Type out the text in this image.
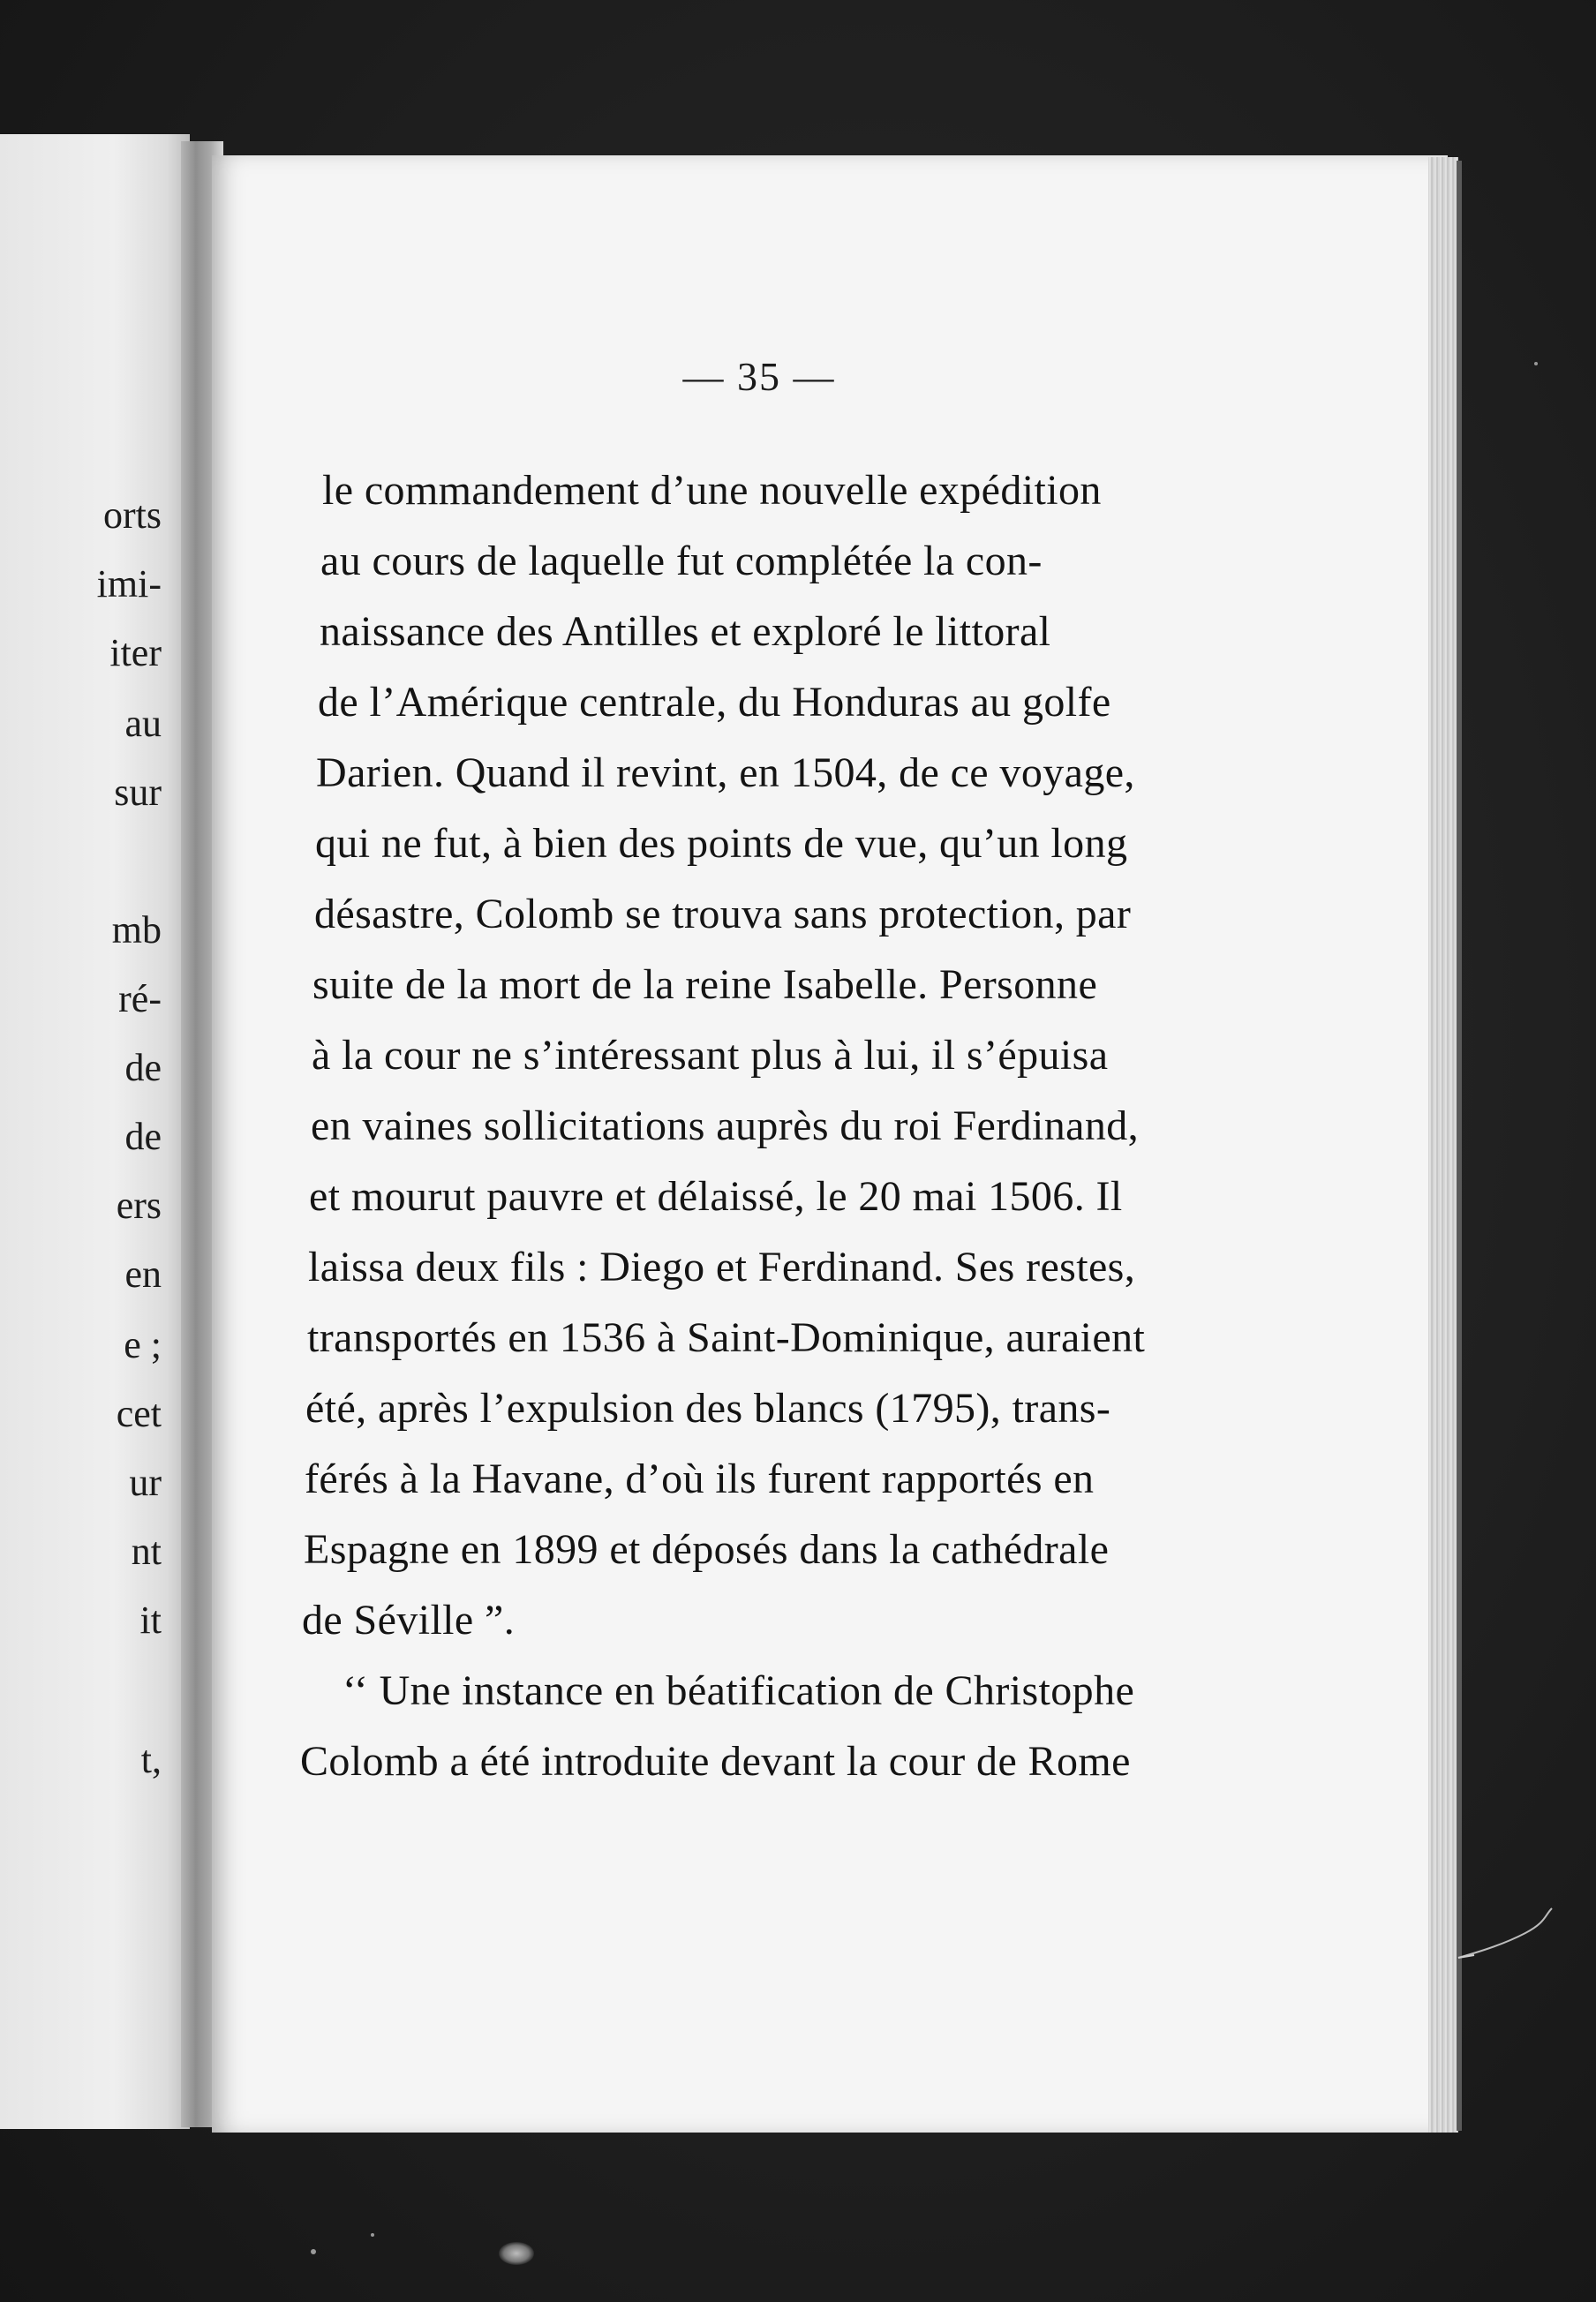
orts
imi-
iter
au
sur
mb
ré-
de
de
ers
en
e ;
cet
ur
nt
it
t,
— 35 —
le commandement d’une nouvelle expédition
au cours de laquelle fut complétée la con-
naissance des Antilles et exploré le littoral
de l’Amérique centrale, du Honduras au golfe
Darien. Quand il revint, en 1504, de ce voyage,
qui ne fut, à bien des points de vue, qu’un long
désastre, Colomb se trouva sans protection, par
suite de la mort de la reine Isabelle. Personne
à la cour ne s’intéressant plus à lui, il s’épuisa
en vaines sollicitations auprès du roi Ferdinand,
et mourut pauvre et délaissé, le 20 mai 1506. Il
laissa deux fils : Diego et Ferdinand. Ses restes,
transportés en 1536 à Saint-Dominique, auraient
été, après l’expulsion des blancs (1795), trans-
férés à la Havane, d’où ils furent rapportés en
Espagne en 1899 et déposés dans la cathédrale
de Séville ”.
‘‘ Une instance en béatification de Christophe
Colomb a été introduite devant la cour de Rome
